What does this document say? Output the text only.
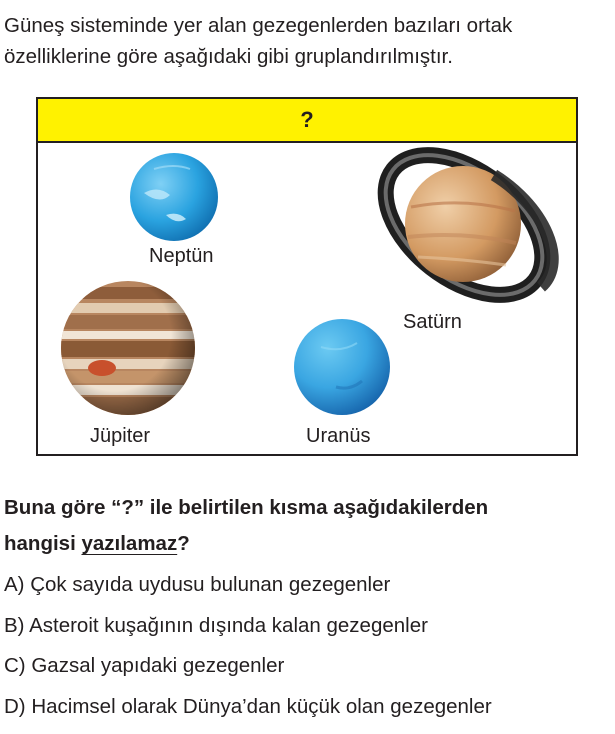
Güneş sisteminde yer alan gezegenlerden bazıları ortak

özelliklerine göre aşağıdaki gibi gruplandırılmıştır.

?
Neptün
Satürn
Jüpiter	Uranüs

Buna göre “?” ile belirtilen kısma aşağıdakilerden

hangisi yazılamaz?

A) Çok sayıda uydusu bulunan gezegenler
B) Asteroit kuşağının dışında kalan gezegenler
C) Gazsal yapıdaki gezegenler
D) Hacimsel olarak Dünya’dan küçük olan gezegenler
